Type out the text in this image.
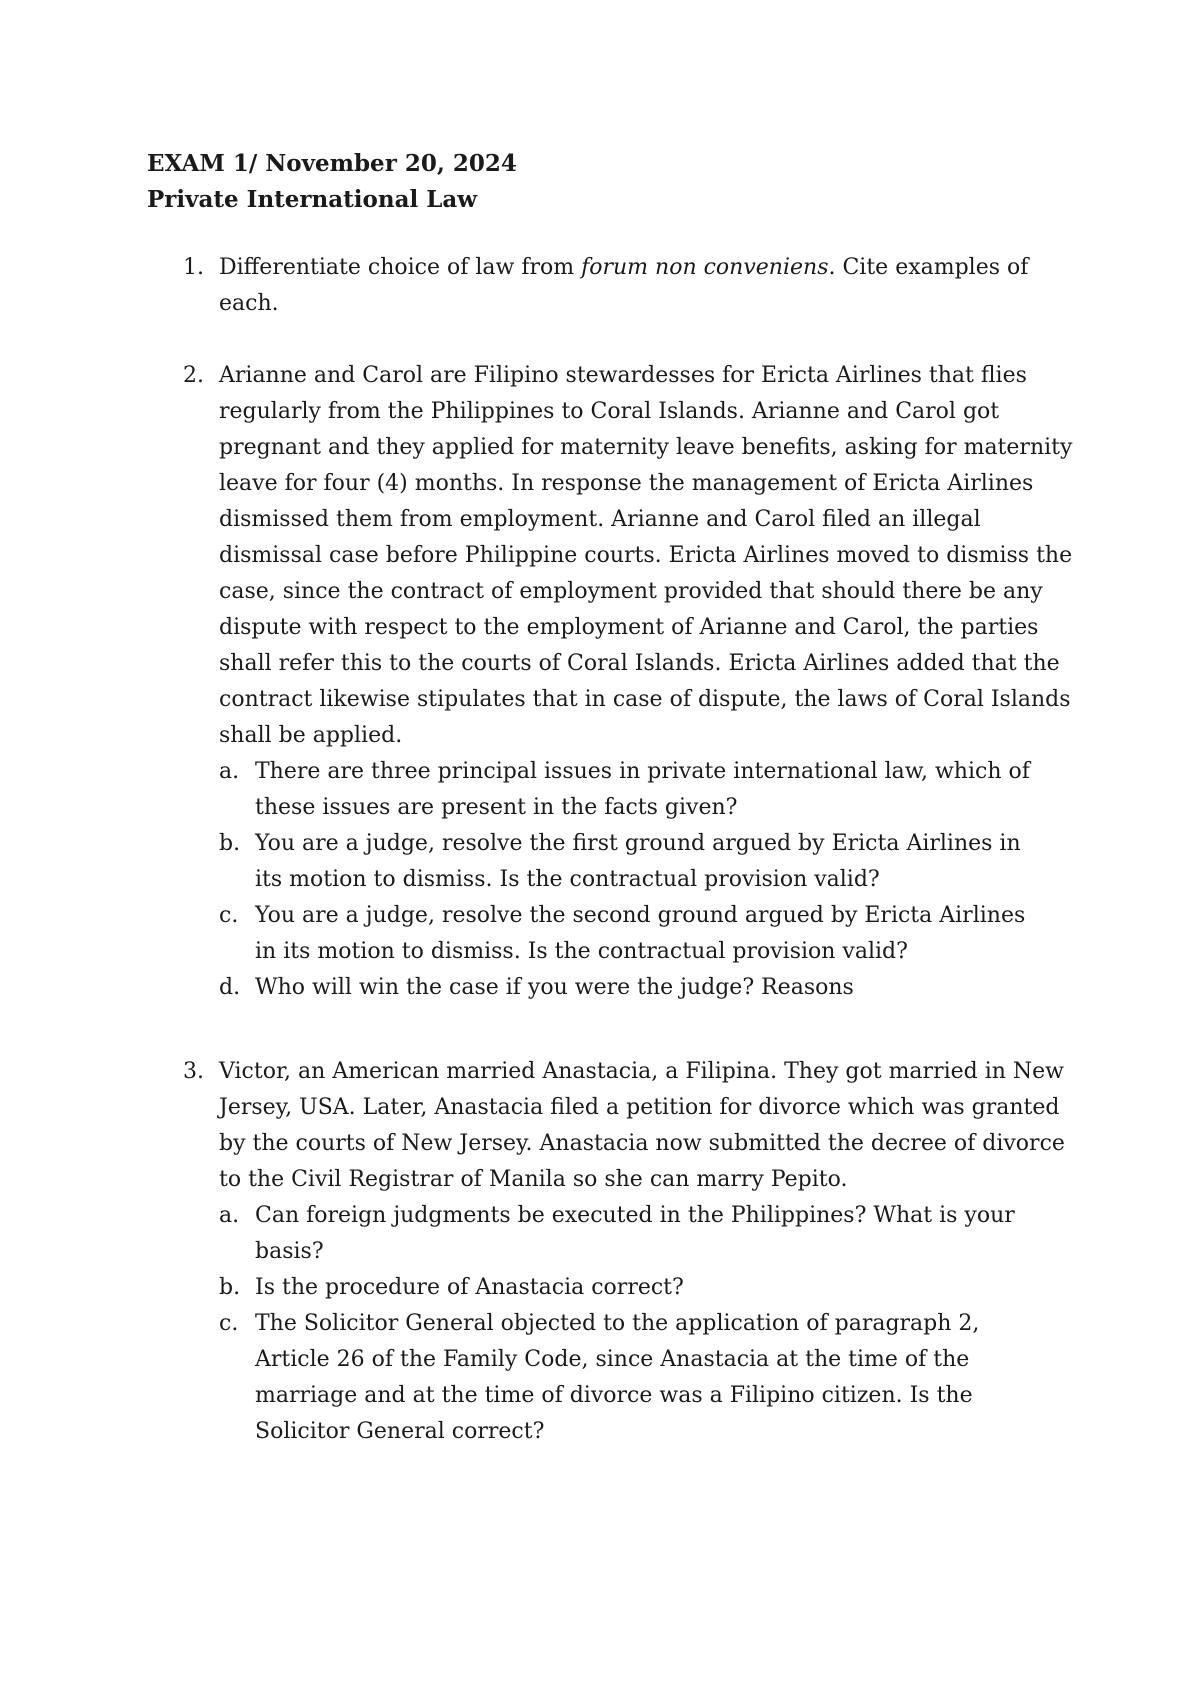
EXAM 1/ November 20, 2024
Private International Law
1. Differentiate choice of law from forum non conveniens. Cite examples of each.
2. Arianne and Carol are Filipino stewardesses for Ericta Airlines that flies regularly from the Philippines to Coral Islands. Arianne and Carol got pregnant and they applied for maternity leave benefits, asking for maternity leave for four (4) months. In response the management of Ericta Airlines dismissed them from employment. Arianne and Carol filed an illegal dismissal case before Philippine courts. Ericta Airlines moved to dismiss the case, since the contract of employment provided that should there be any dispute with respect to the employment of Arianne and Carol, the parties shall refer this to the courts of Coral Islands. Ericta Airlines added that the contract likewise stipulates that in case of dispute, the laws of Coral Islands shall be applied.
a. There are three principal issues in private international law, which of these issues are present in the facts given?
b. You are a judge, resolve the first ground argued by Ericta Airlines in its motion to dismiss. Is the contractual provision valid?
c. You are a judge, resolve the second ground argued by Ericta Airlines in its motion to dismiss. Is the contractual provision valid?
d. Who will win the case if you were the judge? Reasons
3. Victor, an American married Anastacia, a Filipina. They got married in New Jersey, USA. Later, Anastacia filed a petition for divorce which was granted by the courts of New Jersey. Anastacia now submitted the decree of divorce to the Civil Registrar of Manila so she can marry Pepito.
a. Can foreign judgments be executed in the Philippines? What is your basis?
b. Is the procedure of Anastacia correct?
c. The Solicitor General objected to the application of paragraph 2, Article 26 of the Family Code, since Anastacia at the time of the marriage and at the time of divorce was a Filipino citizen. Is the Solicitor General correct?
